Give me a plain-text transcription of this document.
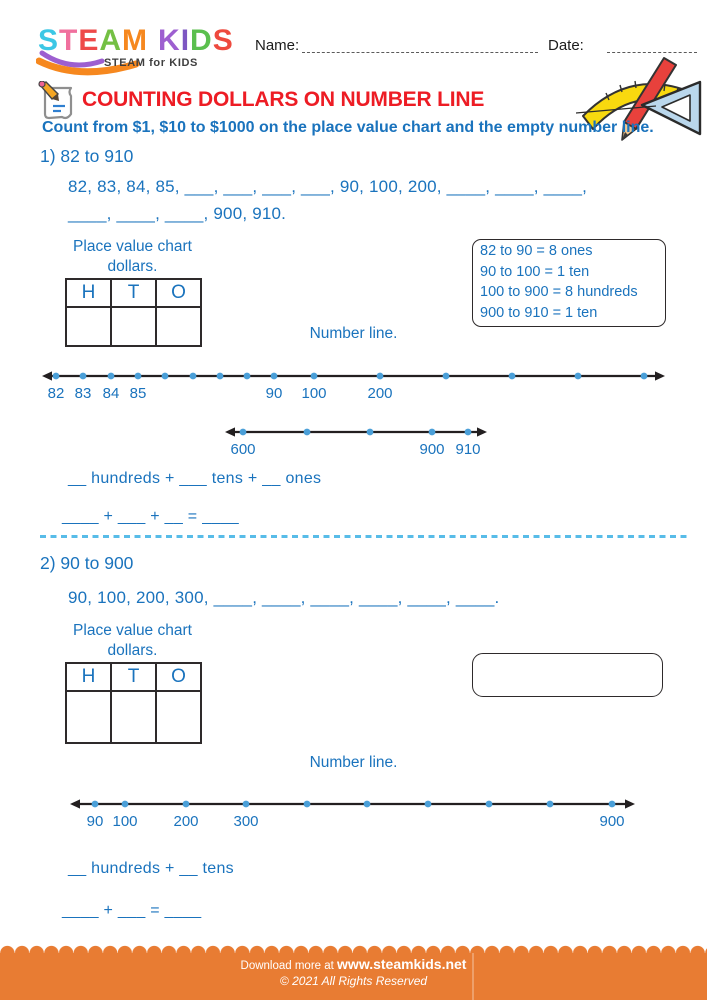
STEAM KIDS
STEAM for KIDS
Name:	Date:
COUNTING DOLLARS ON NUMBER LINE
Count from $1, $10 to $1000 on the place value chart and the empty number line.
1) 82 to 910
82, 83, 84, 85, ___, ___, ___, ___, 90, 100, 200, ____, ____, ____,
____, ____, ____, 900, 910.
Place value chart
dollars.
H	T	O

82 to 90 = 8 ones
90 to 100 = 1 ten
100 to 900 = 8 hundreds
900 to 910 = 1 ten
Number line.
82 83 84 85	90 100	200
600	900 910
__ hundreds + ___ tens + __ ones
____ + ___ + __ = ____
2) 90 to 900
90, 100, 200, 300, ____, ____, ____, ____, ____, ____.
Place value chart
dollars.
H	T	O

Number line.
90 100 200 300	900
__ hundreds + __ tens
____ + ___ = ____
Download more at www.steamkids.net
© 2021 All Rights Reserved
